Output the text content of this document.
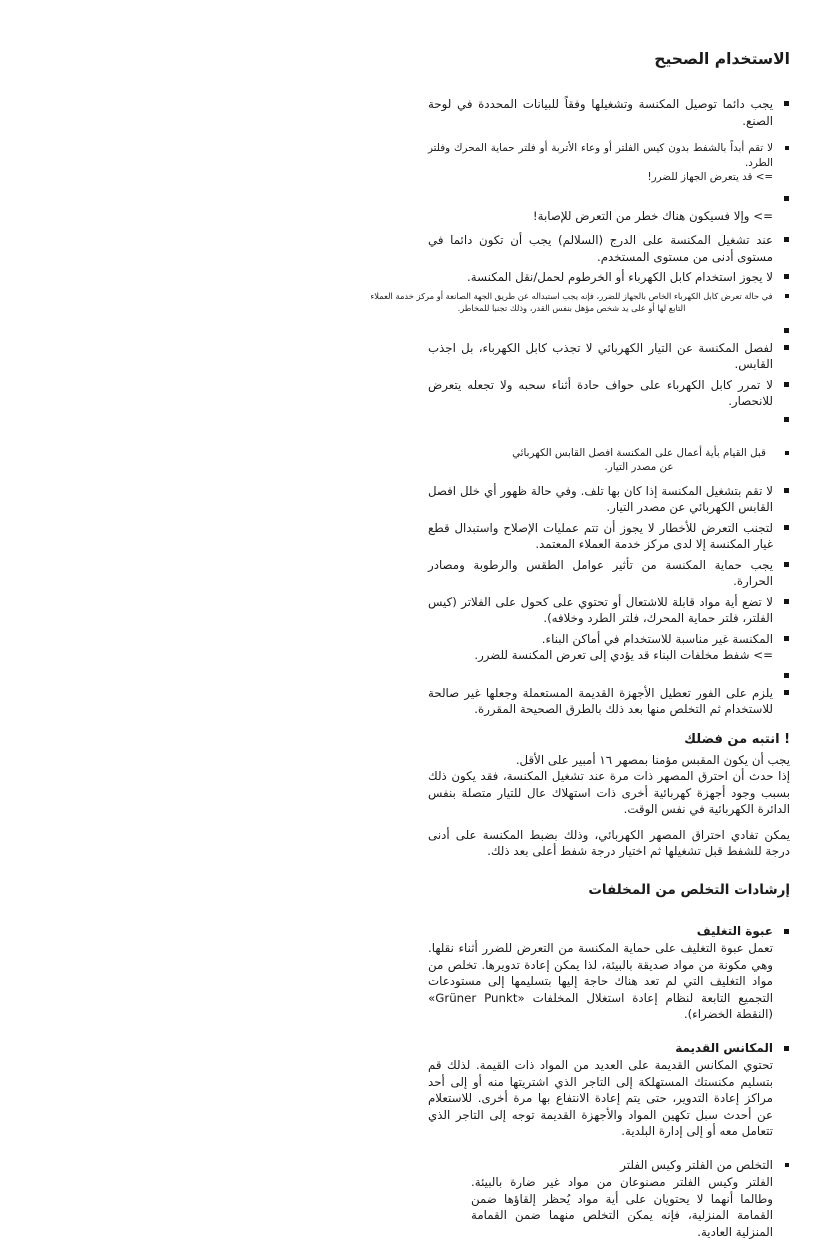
الاستخدام الصحيح
يجب دائما توصيل المكنسة وتشغيلها وفقاً للبيانات المحددة في لوحة الصنع.
لا تقم أبداً بالشفط بدون كيس الفلتر أو وعاء الأتربة أو فلتر حماية المحرك وفلتر الطرد.
=> قد يتعرض الجهاز للضرر!
=> وإلا فسيكون هناك خطر من التعرض للإصابة!
عند تشغيل المكنسة على الدرج (السلالم) يجب أن تكون دائما في مستوى أدنى من مستوى المستخدم.
لا يجوز استخدام كابل الكهرباء أو الخرطوم لحمل/نقل المكنسة.
في حالة تعرض كابل الكهرباء الخاص بالجهاز للضرر، فإنه يجب استبداله عن طريق الجهة الصانعة أو مركز خدمة العملاء التابع لها أو على يد شخص مؤهل بنفس القدر، وذلك تجنبا للمخاطر.
لفصل المكنسة عن التيار الكهربائي لا تجذب كابل الكهرباء، بل اجذب القابس.
لا تمرر كابل الكهرباء على حواف حادة أثناء سحبه ولا تجعله يتعرض للانحصار.
قبل القيام بأية أعمال على المكنسة افصل القابس الكهربائي عن مصدر التيار.
لا تقم بتشغيل المكنسة إذا كان بها تلف. وفي حالة ظهور أي خلل افصل القابس الكهربائي عن مصدر التيار.
لتجنب التعرض للأخطار لا يجوز أن تتم عمليات الإصلاح واستبدال قطع غيار المكنسة إلا لدى مركز خدمة العملاء المعتمد.
يجب حماية المكنسة من تأثير عوامل الطقس والرطوبة ومصادر الحرارة.
لا تضع أية مواد قابلة للاشتعال أو تحتوي على كحول على الفلاتر (كيس الفلتر، فلتر حماية المحرك، فلتر الطرد وخلافه).
المكنسة غير مناسبة للاستخدام في أماكن البناء.
=> شفط مخلفات البناء قد يؤدي إلى تعرض المكنسة للضرر.
يلزم على الفور تعطيل الأجهزة القديمة المستعملة وجعلها غير صالحة للاستخدام ثم التخلص منها بعد ذلك بالطرق الصحيحة المقررة.
! انتبه من فضلك

يجب أن يكون المقبس مؤمنا بمصهر ١٦ أمبير على الأقل.

إذا حدث أن احترق المصهر ذات مرة عند تشغيل المكنسة، فقد يكون ذلك بسبب وجود أجهزة كهربائية أخرى ذات استهلاك عال للتيار متصلة بنفس الدائرة الكهربائية في نفس الوقت.

يمكن تفادي احتراق المصهر الكهربائي، وذلك بضبط المكنسة على أدنى درجة للشفط قبل تشغيلها ثم اختيار درجة شفط أعلى بعد ذلك.

إرشادات التخلص من المخلفات
عبوة التغليف
تعمل عبوة التغليف على حماية المكنسة من التعرض للضرر أثناء نقلها. وهي مكونة من مواد صديقة بالبيئة، لذا يمكن إعادة تدويرها. تخلص من مواد التغليف التي لم تعد هناك حاجة إليها بتسليمها إلى مستودعات التجميع التابعة لنظام إعادة استغلال المخلفات «Grüner Punkt» (النقطة الخضراء).
المكانس القديمة
تحتوي المكانس القديمة على العديد من المواد ذات القيمة. لذلك قم بتسليم مكنستك المستهلكة إلى التاجر الذي اشتريتها منه أو إلى أحد مراكز إعادة التدوير، حتى يتم إعادة الانتفاع بها مرة أخرى. للاستعلام عن أحدث سبل تكهين المواد والأجهزة القديمة توجه إلى التاجر الذي تتعامل معه أو إلى إدارة البلدية.
التخلص من الفلتر وكيس الفلتر
الفلتر وكيس الفلتر مصنوعان من مواد غير ضارة بالبيئة. وطالما أنهما لا يحتويان على أية مواد يُحظر إلقاؤها ضمن القمامة المنزلية، فإنه يمكن التخلص منهما ضمن القمامة المنزلية العادية.
